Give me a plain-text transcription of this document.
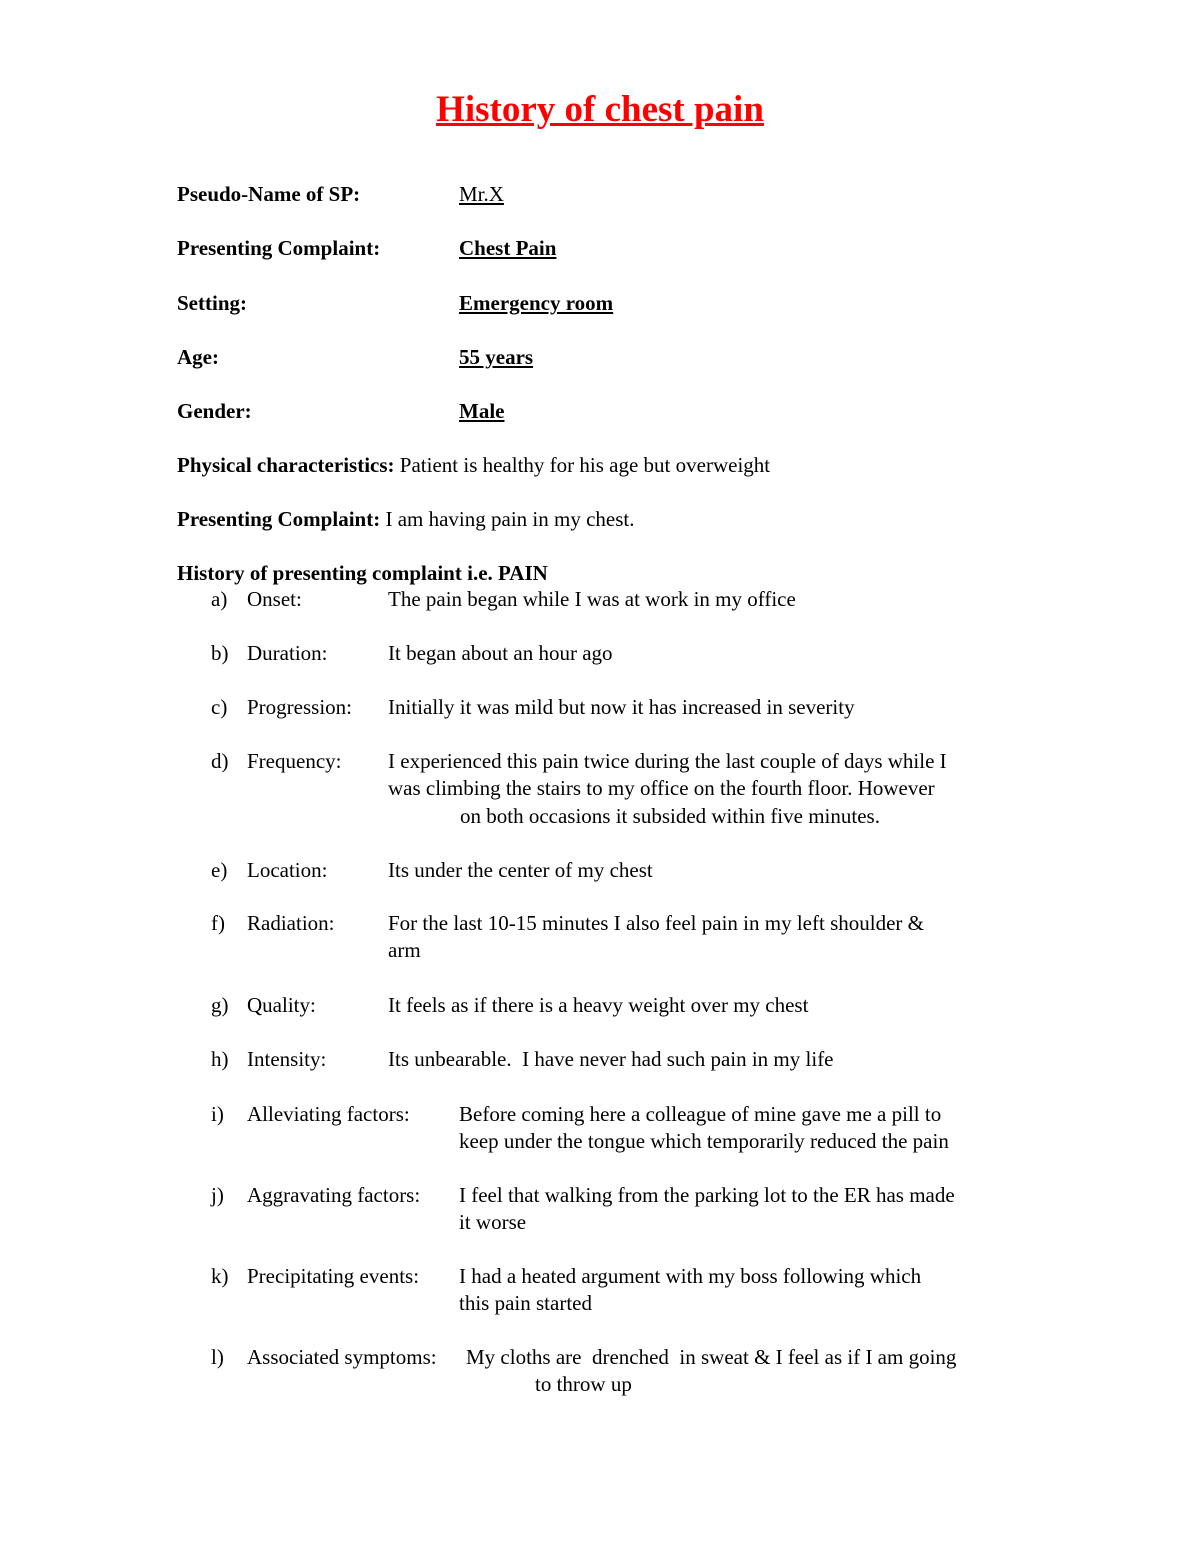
History of chest pain
Pseudo-Name of SP:	Mr.X
Presenting Complaint:	Chest Pain
Setting:	Emergency room
Age:	55 years
Gender:	Male
Physical characteristics: Patient is healthy for his age but overweight
Presenting Complaint: I am having pain in my chest.
History of presenting complaint i.e. PAIN
a) Onset:	The pain began while I was at work in my office
b) Duration:	It began about an hour ago
c) Progression: Initially it was mild but now it has increased in severity
d) Frequency: I experienced this pain twice during the last couple of days while I
was climbing the stairs to my office on the fourth floor. However
on both occasions it subsided within five minutes.
e) Location:	Its under the center of my chest
f) Radiation:	For the last 10-15 minutes I also feel pain in my left shoulder &
arm
g) Quality:	It feels as if there is a heavy weight over my chest
h) Intensity:	Its unbearable.  I have never had such pain in my life
i) Alleviating factors: Before coming here a colleague of mine gave me a pill to
keep under the tongue which temporarily reduced the pain
j) Aggravating factors: I feel that walking from the parking lot to the ER has made
it worse
k) Precipitating events: I had a heated argument with my boss following which
this pain started
l) Associated symptoms: My cloths are  drenched  in sweat & I feel as if I am going
to throw up
